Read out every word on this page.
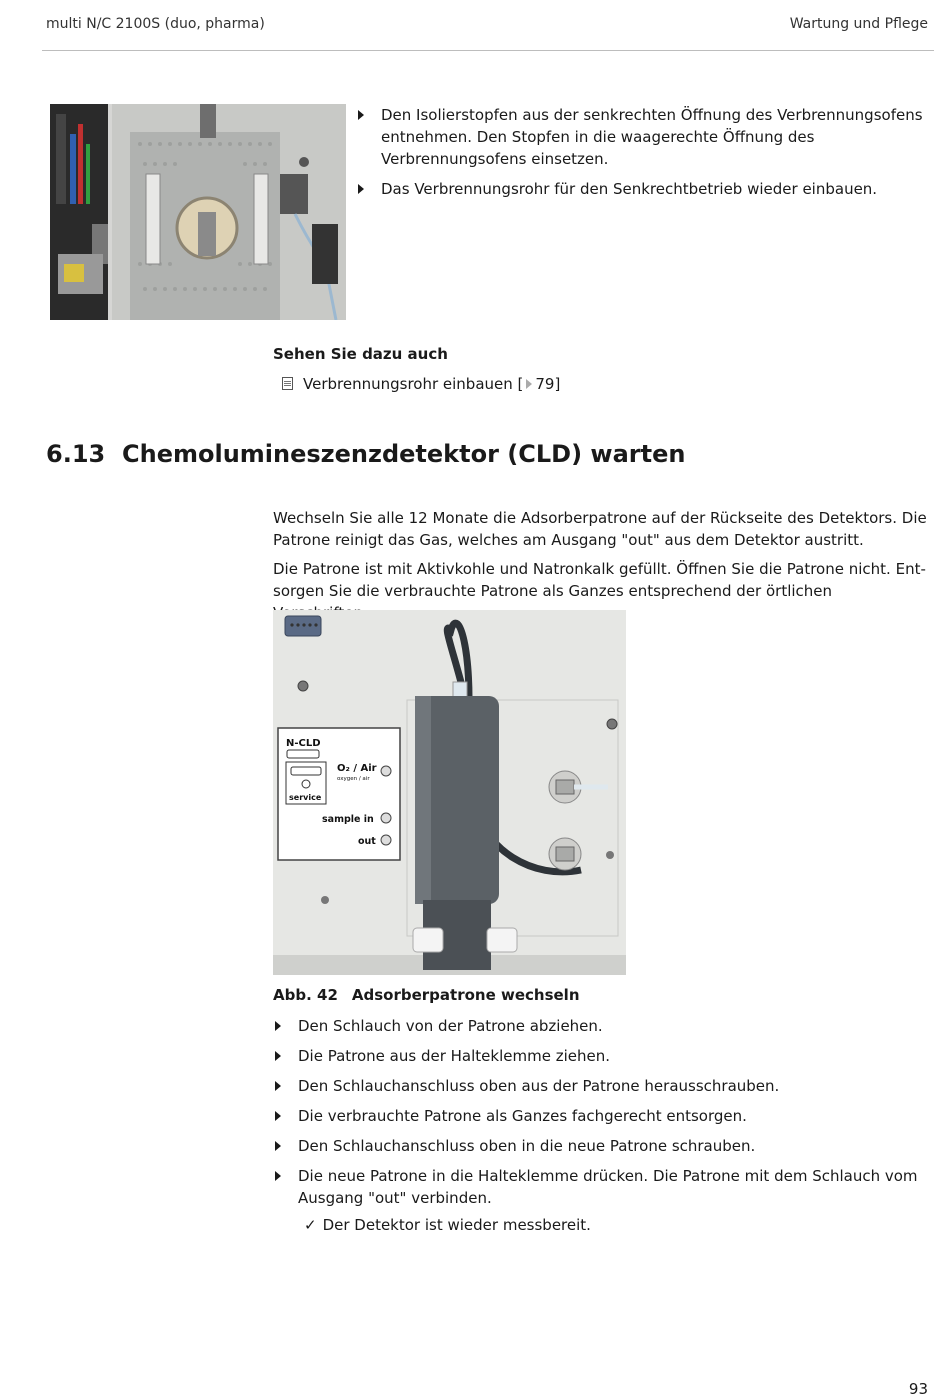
multi N/C 2100S (duo, pharma)	Wartung und Pflege
Den Isolierstopfen aus der senkrechten Öffnung des Verbrennungsofens entnehmen. Den Stopfen in die waagerechte Öffnung des Verbrennungsofens einsetzen.
Das Verbrennungsrohr für den Senkrechtbetrieb wieder einbauen.
Sehen Sie dazu auch
Verbrennungsrohr einbauen [ 79]
6.13 Chemolumineszenzdetektor (CLD) warten

Wechseln Sie alle 12 Monate die Adsorberpatrone auf der Rückseite des Detektors. Die Patrone reinigt das Gas, welches am Ausgang "out" aus dem Detektor austritt.

Die Patrone ist mit Aktivkohle und Natronkalk gefüllt. Öffnen Sie die Patrone nicht. Entsorgen Sie die verbrauchte Patrone als Ganzes entsprechend der örtlichen

N-CLD
service
O₂ / Air
oxygen / air
sample in
out
Abb. 42 Adsorberpatrone wechseln
Den Schlauch von der Patrone abziehen.
Die Patrone aus der Halteklemme ziehen.
Den Schlauchanschluss oben aus der Patrone herausschrauben.
Die verbrauchte Patrone als Ganzes fachgerecht entsorgen.
Den Schlauchanschluss oben in die neue Patrone schrauben.
Die neue Patrone in die Halteklemme drücken. Die Patrone mit dem Schlauch vom Ausgang "out" verbinden.
✓ Der Detektor ist wieder messbereit.
93
